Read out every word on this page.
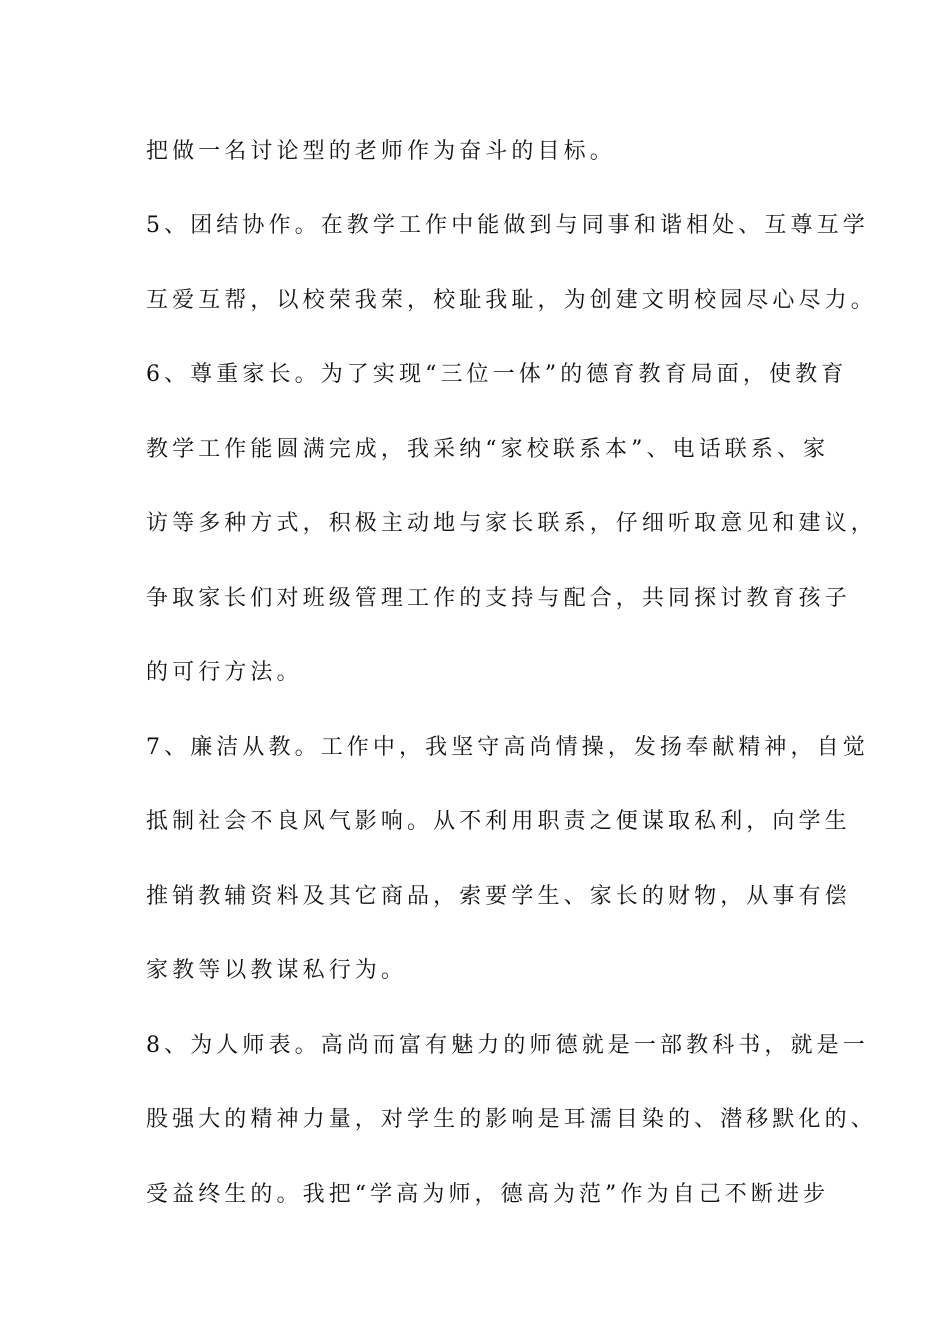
把做一名讨论型的老师作为奋斗的目标。
5、团结协作。在教学工作中能做到与同事和谐相处、互尊互学
互爱互帮，以校荣我荣，校耻我耻，为创建文明校园尽心尽力。
6、尊重家长。为了实现“三位一体”的德育教育局面，使教育
教学工作能圆满完成，我采纳“家校联系本”、电话联系、家
访等多种方式，积极主动地与家长联系，仔细听取意见和建议，
争取家长们对班级管理工作的支持与配合，共同探讨教育孩子
的可行方法。
7、廉洁从教。工作中，我坚守高尚情操，发扬奉献精神，自觉
抵制社会不良风气影响。从不利用职责之便谋取私利，向学生
推销教辅资料及其它商品，索要学生、家长的财物，从事有偿
家教等以教谋私行为。
8、为人师表。高尚而富有魅力的师德就是一部教科书，就是一
股强大的精神力量，对学生的影响是耳濡目染的、潜移默化的、
受益终生的。我把“学高为师，德高为范”作为自己不断进步
